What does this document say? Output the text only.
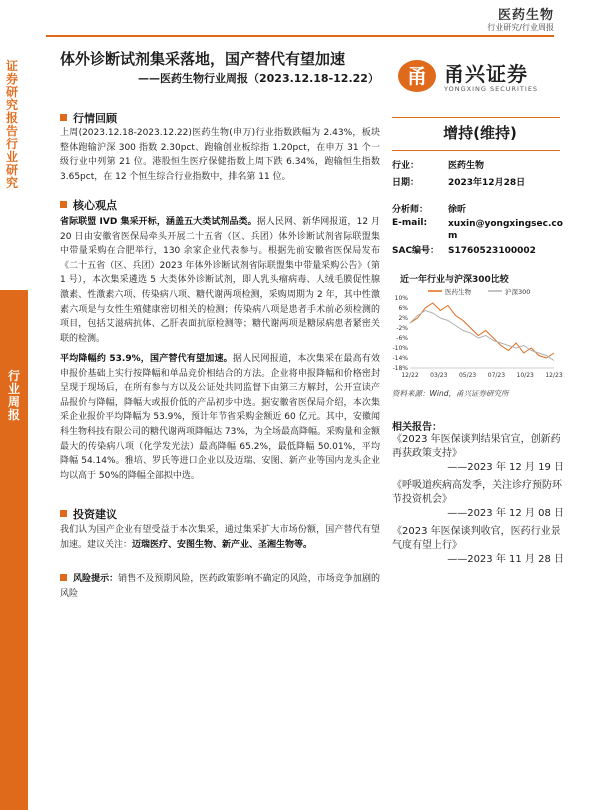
医药生物
行业研究/行业周报
证券研究报告 行业研究
行业周报
体外诊断试剂集采落地，国产替代有望加速
——医药生物行业周报（2023.12.18-12.22）	甬 甬兴证券
YONGXING SECURITIES
行情回顾

上周(2023.12.18-2023.12.22)医药生物(申万)行业指数跌幅为 2.43%，板块整体跑输沪深 300 指数 2.30pct、跑输创业板综指 1.20pct，在申万 31 个一级行业中列第 21 位。港股恒生医疗保健指数上周下跌 6.34%，跑输恒生指数 3.65pct，在 12 个恒生综合行业指数中，排名第 11 位。

核心观点

省际联盟 IVD 集采开标，涵盖五大类试剂品类。据人民网、新华网报道，12 月 20 日由安徽省医保局牵头开展二十五省（区、兵团）体外诊断试剂省际联盟集中带量采购在合肥举行，130 余家企业代表参与。根据先前安徽省医保局发布《二十五省（区、兵团）2023 年体外诊断试剂省际联盟集中带量采购公告》（第 1 号），本次集采遴选 5 大类体外诊断试剂，即人乳头瘤病毒、人绒毛膜促性腺激素、性激素六项、传染病八项、糖代谢两项检测，采购周期为 2 年，其中性激素六项是与女性生殖健康密切相关的检测；传染病八项是患者手术前必须检测的项目，包括艾滋病抗体、乙肝表面抗原检测等；糖代谢两项是糖尿病患者紧密关联的检测。

平均降幅约 53.9%，国产替代有望加速。据人民网报道，本次集采在最高有效申报价基础上实行按降幅和单品竞价相结合的方法。企业将申报降幅和价格密封呈现于现场后，在所有参与方以及公证处共同监督下由第三方解封，公开宣读产品报价与降幅，降幅大或报价低的产品初步中选。据安徽省医保局介绍，本次集采企业报价平均降幅为 53.9%，预计年节省采购金额近 60 亿元。其中，安徽闻科生物科技有限公司的糖代谢两项降幅达 73%，为全场最高降幅。采购量和金额最大的传染病八项（化学发光法）最高降幅 65.2%，最低降幅 50.01%，平均降幅 54.14%。雅培、罗氏等进口企业以及迈瑞、安图、新产业等国内龙头企业均以高于 50%的降幅全部拟中选。

投资建议

我们认为国产企业有望受益于本次集采，通过集采扩大市场份额，国产替代有望加速。建议关注：迈瑞医疗、安图生物、新产业、圣湘生物等。

风险提示：销售不及预期风险，医药政策影响不确定的风险，市场竞争加剧的风险

增持(维持)
行业：	医药生物
日期：	2023年12月28日
分析师： 徐昕
E-mail:	xuxin@yongxingsec.com
SAC编号： S1760523100002
近一年行业与沪深300比较
医药生物	沪深300
10%
6%
2%
-2%
-6%
-10%
-14%
-18%
12/22 03/23 05/23 07/23 10/23 12/23
资料来源：Wind，甬兴证券研究所
相关报告：
《2023 年医保谈判结果官宣，创新药再获政策支持》
——2023 年 12 月 19 日
《呼吸道疾病高发季，关注诊疗预防环节投资机会》
——2023 年 12 月 08 日
《2023 年医保谈判收官，医药行业景气度有望上行》
——2023 年 11 月 28 日
